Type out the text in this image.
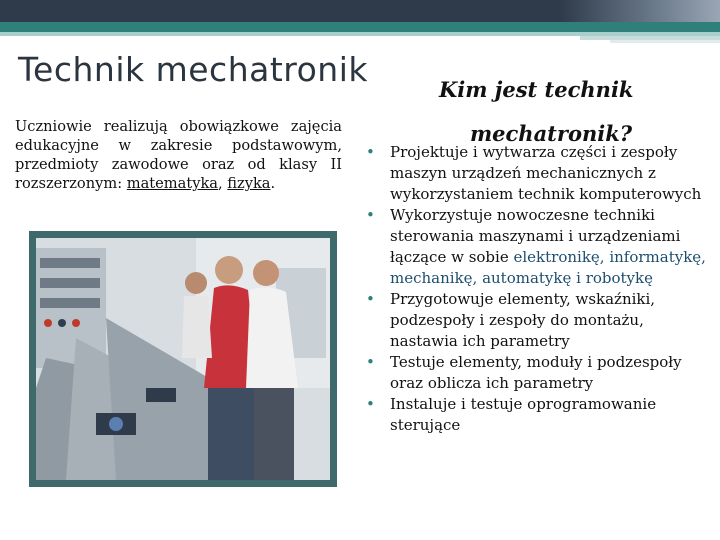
Technik mechatronik
Kim jest technik
mechatronik?

Uczniowie realizują obowiązkowe zajęcia edukacyjne w zakresie podstawowym, przedmioty zawodowe oraz od klasy II rozszerzonym: matematyka, fizyka.

• Projektuje i wytwarza części i zespoły maszyn urządzeń mechanicznych z wykorzystaniem technik komputerowych
• Wykorzystuje nowoczesne techniki sterowania maszynami i urządzeniami łączące w sobie elektronikę, informatykę, mechanikę, automatykę i robotykę
• Przygotowuje elementy, wskaźniki, podzespoły i zespoły do montażu, nastawia ich parametry
• Testuje elementy, moduły i podzespoły oraz oblicza ich parametry
• Instaluje i testuje oprogramowanie sterujące
